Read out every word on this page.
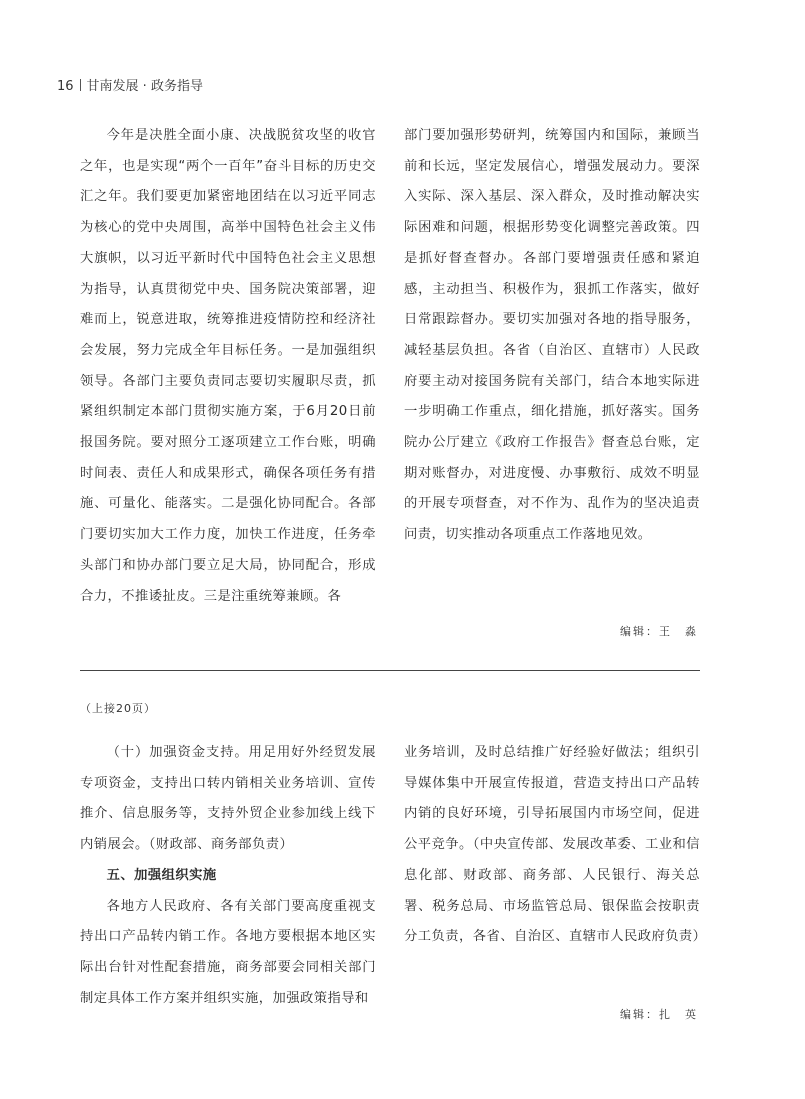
16 甘南发展 · 政务指导

今年是决胜全面小康、决战脱贫攻坚的收官之年，也是实现“两个一百年”奋斗目标的历史交汇之年。我们要更加紧密地团结在以习近平同志为核心的党中央周围，高举中国特色社会主义伟大旗帜，以习近平新时代中国特色社会主义思想为指导，认真贯彻党中央、国务院决策部署，迎难而上，锐意进取，统筹推进疫情防控和经济社会发展，努力完成全年目标任务。一是加强组织领导。各部门主要负责同志要切实履职尽责，抓紧组织制定本部门贯彻实施方案，于6月20日前报国务院。要对照分工逐项建立工作台账，明确时间表、责任人和成果形式，确保各项任务有措施、可量化、能落实。二是强化协同配合。各部门要切实加大工作力度，加快工作进度，任务牵头部门和协办部门要立足大局，协同配合，形成合力，不推诿扯皮。三是注重统筹兼顾。各

部门要加强形势研判，统筹国内和国际，兼顾当前和长远，坚定发展信心，增强发展动力。要深入实际、深入基层、深入群众，及时推动解决实际困难和问题，根据形势变化调整完善政策。四是抓好督查督办。各部门要增强责任感和紧迫感，主动担当、积极作为，狠抓工作落实，做好日常跟踪督办。要切实加强对各地的指导服务，减轻基层负担。各省（自治区、直辖市）人民政府要主动对接国务院有关部门，结合本地实际进一步明确工作重点，细化措施，抓好落实。国务院办公厅建立《政府工作报告》督查总台账，定期对账督办，对进度慢、办事敷衍、成效不明显的开展专项督查，对不作为、乱作为的坚决追责问责，切实推动各项重点工作落地见效。

编辑：王　淼
（上接20页）

（十）加强资金支持。用足用好外经贸发展专项资金，支持出口转内销相关业务培训、宣传推介、信息服务等，支持外贸企业参加线上线下内销展会。（财政部、商务部负责）

五、加强组织实施

各地方人民政府、各有关部门要高度重视支持出口产品转内销工作。各地方要根据本地区实际出台针对性配套措施，商务部要会同相关部门制定具体工作方案并组织实施，加强政策指导和

业务培训，及时总结推广好经验好做法；组织引导媒体集中开展宣传报道，营造支持出口产品转内销的良好环境，引导拓展国内市场空间，促进公平竞争。（中央宣传部、发展改革委、工业和信息化部、财政部、商务部、人民银行、海关总署、税务总局、市场监管总局、银保监会按职责分工负责，各省、自治区、直辖市人民政府负责）

编辑：扎　英
